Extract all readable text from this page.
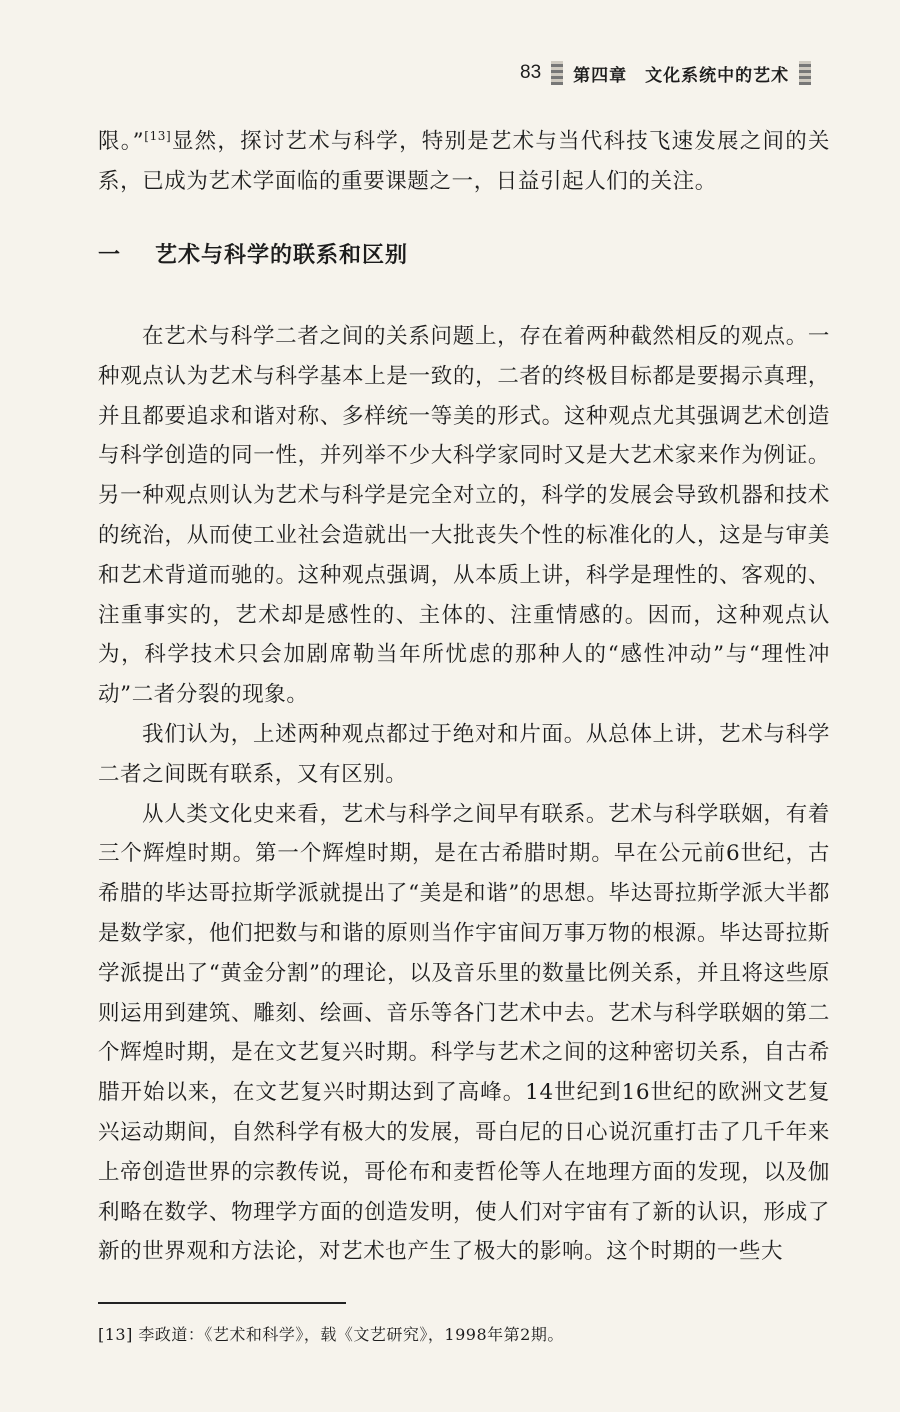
83 第四章　文化系统中的艺术

限。”[13]显然，探讨艺术与科学，特别是艺术与当代科技飞速发展之间的关系，已成为艺术学面临的重要课题之一，日益引起人们的关注。

一 艺术与科学的联系和区别

在艺术与科学二者之间的关系问题上，存在着两种截然相反的观点。一种观点认为艺术与科学基本上是一致的，二者的终极目标都是要揭示真理，并且都要追求和谐对称、多样统一等美的形式。这种观点尤其强调艺术创造与科学创造的同一性，并列举不少大科学家同时又是大艺术家来作为例证。另一种观点则认为艺术与科学是完全对立的，科学的发展会导致机器和技术的统治，从而使工业社会造就出一大批丧失个性的标准化的人，这是与审美和艺术背道而驰的。这种观点强调，从本质上讲，科学是理性的、客观的、注重事实的，艺术却是感性的、主体的、注重情感的。因而，这种观点认为，科学技术只会加剧席勒当年所忧虑的那种人的“感性冲动”与“理性冲动”二者分裂的现象。

我们认为，上述两种观点都过于绝对和片面。从总体上讲，艺术与科学二者之间既有联系，又有区别。

从人类文化史来看，艺术与科学之间早有联系。艺术与科学联姻，有着三个辉煌时期。第一个辉煌时期，是在古希腊时期。早在公元前6世纪，古希腊的毕达哥拉斯学派就提出了“美是和谐”的思想。毕达哥拉斯学派大半都是数学家，他们把数与和谐的原则当作宇宙间万事万物的根源。毕达哥拉斯学派提出了“黄金分割”的理论，以及音乐里的数量比例关系，并且将这些原则运用到建筑、雕刻、绘画、音乐等各门艺术中去。艺术与科学联姻的第二个辉煌时期，是在文艺复兴时期。科学与艺术之间的这种密切关系，自古希腊开始以来，在文艺复兴时期达到了高峰。14世纪到16世纪的欧洲文艺复兴运动期间，自然科学有极大的发展，哥白尼的日心说沉重打击了几千年来上帝创造世界的宗教传说，哥伦布和麦哲伦等人在地理方面的发现，以及伽利略在数学、物理学方面的创造发明，使人们对宇宙有了新的认识，形成了新的世界观和方法论，对艺术也产生了极大的影响。这个时期的一些大

[13] 李政道：《艺术和科学》，载《文艺研究》，1998年第2期。
